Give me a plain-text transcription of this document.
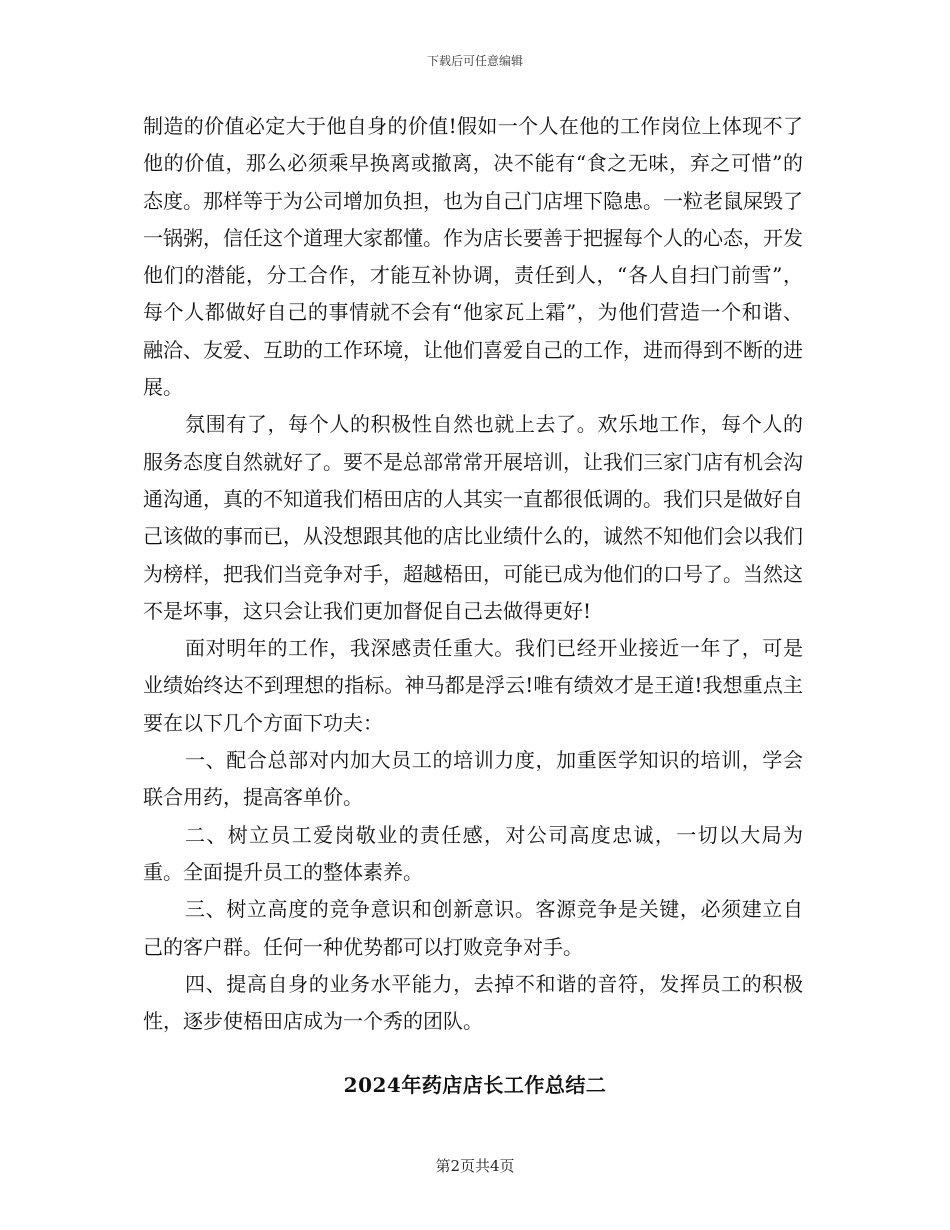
下载后可任意编辑

制造的价值必定大于他自身的价值!假如一个人在他的工作岗位上体现不了他的价值，那么必须乘早换离或撤离，决不能有“食之无味，弃之可惜”的态度。那样等于为公司增加负担，也为自己门店埋下隐患。一粒老鼠屎毁了一锅粥，信任这个道理大家都懂。作为店长要善于把握每个人的心态，开发他们的潜能，分工合作，才能互补协调，责任到人，“各人自扫门前雪”，每个人都做好自己的事情就不会有“他家瓦上霜”，为他们营造一个和谐、融洽、友爱、互助的工作环境，让他们喜爱自己的工作，进而得到不断的进展。

氛围有了，每个人的积极性自然也就上去了。欢乐地工作，每个人的服务态度自然就好了。要不是总部常常开展培训，让我们三家门店有机会沟通沟通，真的不知道我们梧田店的人其实一直都很低调的。我们只是做好自己该做的事而已，从没想跟其他的店比业绩什么的，诚然不知他们会以我们为榜样，把我们当竞争对手，超越梧田，可能已成为他们的口号了。当然这不是坏事，这只会让我们更加督促自己去做得更好!

面对明年的工作，我深感责任重大。我们已经开业接近一年了，可是业绩始终达不到理想的指标。神马都是浮云!唯有绩效才是王道!我想重点主要在以下几个方面下功夫：

一、配合总部对内加大员工的培训力度，加重医学知识的培训，学会联合用药，提高客单价。

二、树立员工爱岗敬业的责任感，对公司高度忠诚，一切以大局为重。全面提升员工的整体素养。

三、树立高度的竞争意识和创新意识。客源竞争是关键，必须建立自己的客户群。任何一种优势都可以打败竞争对手。

四、提高自身的业务水平能力，去掉不和谐的音符，发挥员工的积极性，逐步使梧田店成为一个秀的团队。

2024年药店店长工作总结二
第2页共4页
